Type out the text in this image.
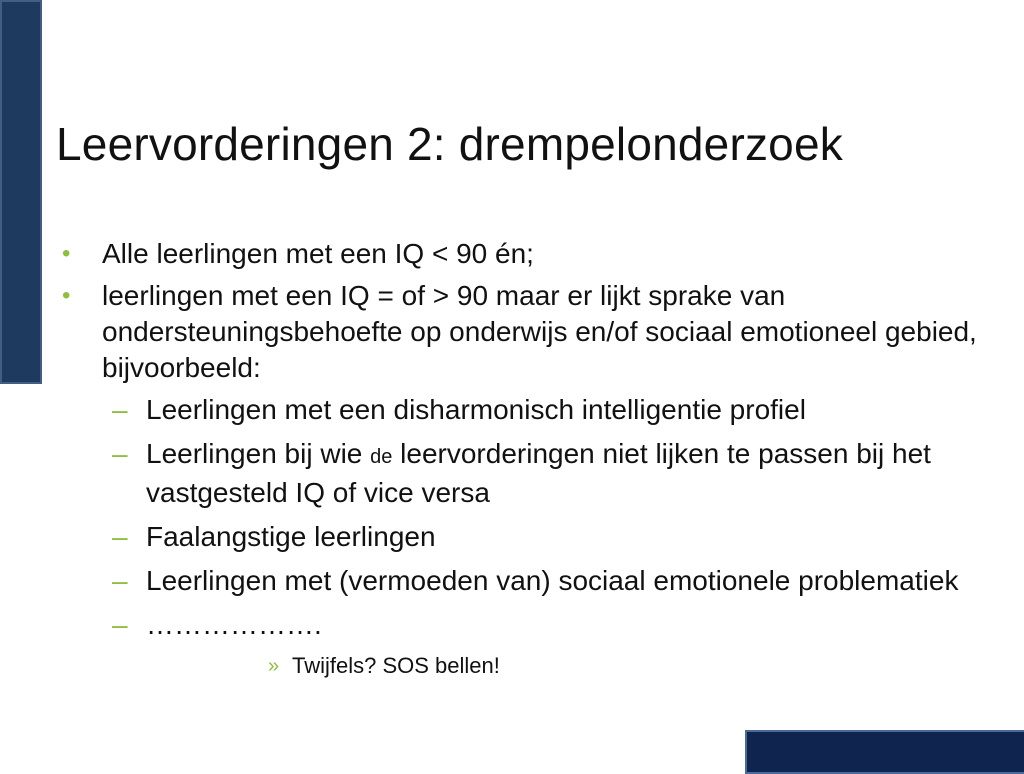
Leervorderingen 2: drempelonderzoek
• Alle leerlingen met een IQ < 90 én;
• leerlingen met een IQ = of > 90 maar er lijkt sprake van ondersteuningsbehoefte op onderwijs en/of sociaal emotioneel gebied, bijvoorbeeld:
– Leerlingen met een disharmonisch intelligentie profiel
– Leerlingen bij wie de leervorderingen niet lijken te passen bij het vastgesteld IQ of vice versa
– Faalangstige leerlingen
– Leerlingen met (vermoeden van) sociaal emotionele problematiek
– ……………….
» Twijfels? SOS bellen!
